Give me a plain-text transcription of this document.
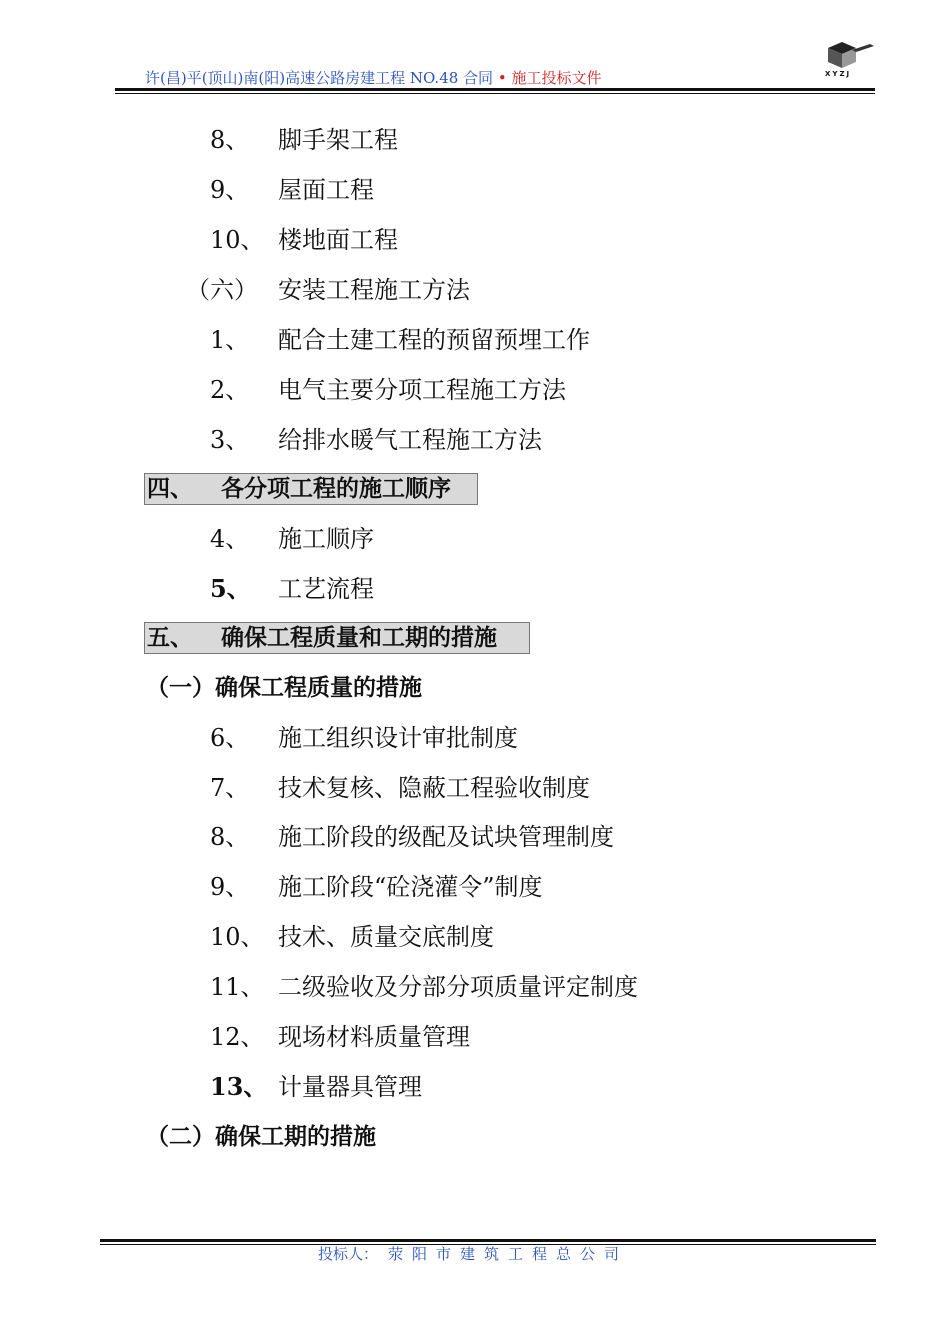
许(昌)平(顶山)南(阳)高速公路房建工程 NO.48 合同 • 施工投标文件	XYZJ
8、 脚手架工程
9、 屋面工程
10、 楼地面工程
（六） 安装工程施工方法
1、 配合土建工程的预留预埋工作
2、 电气主要分项工程施工方法
3、 给排水暖气工程施工方法
四、 各分项工程的施工顺序
4、 施工顺序
5、 工艺流程
五、 确保工程质量和工期的措施
（一）确保工程质量的措施
6、 施工组织设计审批制度
7、 技术复核、隐蔽工程验收制度
8、 施工阶段的级配及试块管理制度
9、 施工阶段“砼浇灌令”制度
10、 技术、质量交底制度
11、 二级验收及分部分项质量评定制度
12、 现场材料质量管理
13、 计量器具管理
（二）确保工期的措施
投标人： 荥阳市建筑工程总公司
